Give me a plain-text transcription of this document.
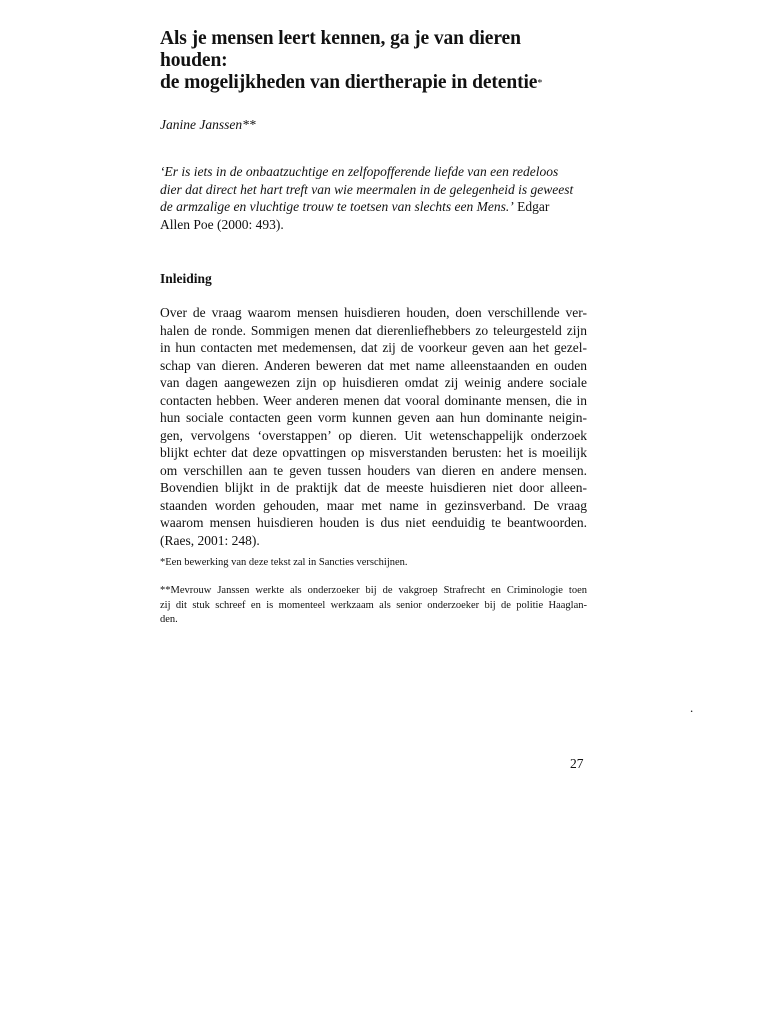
Als je mensen leert kennen, ga je van dieren houden:
de mogelijkheden van diertherapie in detentie*
Janine Janssen**
‘Er is iets in de onbaatzuchtige en zelfopofferende liefde van een redeloos
dier dat direct het hart treft van wie meermalen in de gelegenheid is geweest
de armzalige en vluchtige trouw te toetsen van slechts een Mens.’ Edgar
Allen Poe (2000: 493).
Inleiding
Over de vraag waarom mensen huisdieren houden, doen verschillende ver-
halen de ronde. Sommigen menen dat dierenliefhebbers zo teleurgesteld zijn
in hun contacten met medemensen, dat zij de voorkeur geven aan het gezel-
schap van dieren. Anderen beweren dat met name alleenstaanden en ouden
van dagen aangewezen zijn op huisdieren omdat zij weinig andere sociale
contacten hebben. Weer anderen menen dat vooral dominante mensen, die in
hun sociale contacten geen vorm kunnen geven aan hun dominante neigin-
gen, vervolgens ‘overstappen’ op dieren. Uit wetenschappelijk onderzoek
blijkt echter dat deze opvattingen op misverstanden berusten: het is moeilijk
om verschillen aan te geven tussen houders van dieren en andere mensen.
Bovendien blijkt in de praktijk dat de meeste huisdieren niet door alleen-
staanden worden gehouden, maar met name in gezinsverband. De vraag
waarom mensen huisdieren houden is dus niet eenduidig te beantwoorden.
(Raes, 2001: 248).
*Een bewerking van deze tekst zal in Sancties verschijnen.
**Mevrouw Janssen werkte als onderzoeker bij de vakgroep Strafrecht en Criminologie toen
zij dit stuk schreef en is momenteel werkzaam als senior onderzoeker bij de politie Haaglan-
den.
.
27
